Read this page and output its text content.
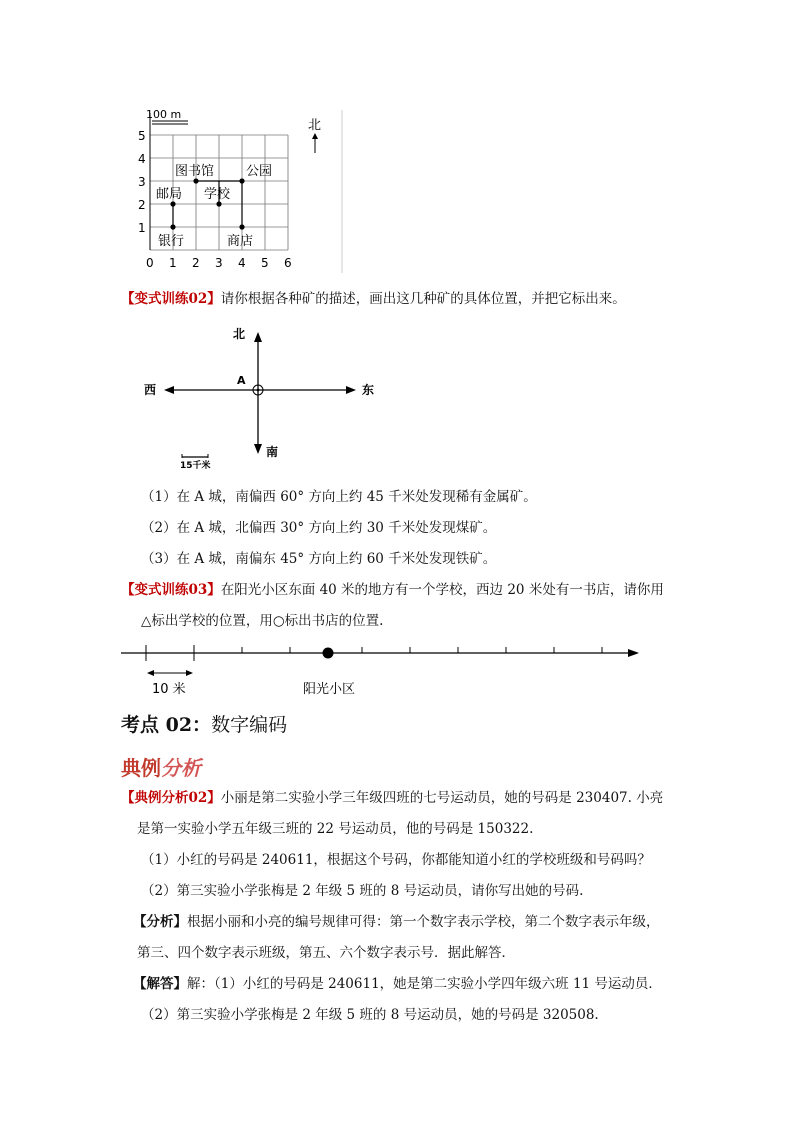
100 m
5
4
3
2
1
0 1 2 3 4 5 6
图书馆 公园
邮局 学校
银行	商店
北
【变式训练02】请你根据各种矿的描述，画出这几种矿的具体位置，并把它标出来。
A
北
南
西	东
15千米
（1）在 A 城，南偏西 60° 方向上约 45 千米处发现稀有金属矿。
（2）在 A 城，北偏西 30° 方向上约 30 千米处发现煤矿。
（3）在 A 城，南偏东 45° 方向上约 60 千米处发现铁矿。
【变式训练03】在阳光小区东面 40 米的地方有一个学校，西边 20 米处有一书店，请你用
△标出学校的位置，用○标出书店的位置.
10 米	阳光小区
考点 02：数字编码
典例分析
【典例分析02】小丽是第二实验小学三年级四班的七号运动员，她的号码是 230407. 小亮
是第一实验小学五年级三班的 22 号运动员，他的号码是 150322.
（1）小红的号码是 240611，根据这个号码，你都能知道小红的学校班级和号码吗？
（2）第三实验小学张梅是 2 年级 5 班的 8 号运动员，请你写出她的号码.
【分析】根据小丽和小亮的编号规律可得：第一个数字表示学校，第二个数字表示年级，
第三、四个数字表示班级，第五、六个数字表示号．据此解答．
【解答】解：（1）小红的号码是 240611，她是第二实验小学四年级六班 11 号运动员．
（2）第三实验小学张梅是 2 年级 5 班的 8 号运动员，她的号码是 320508.
